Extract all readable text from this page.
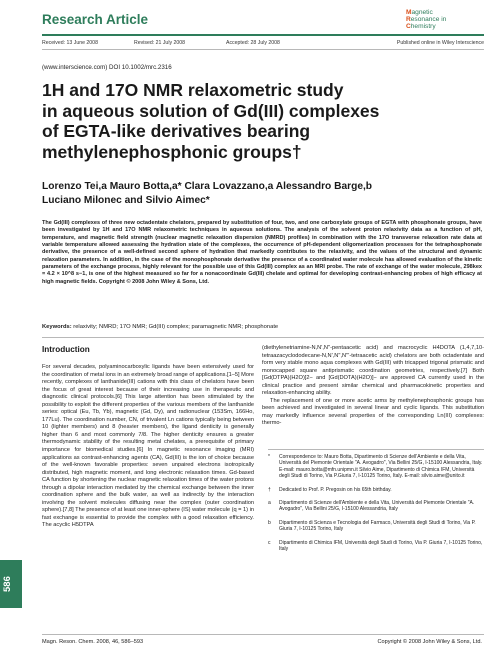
Research Article	Magnetic
Resonance in
Chemistry
Received: 13 June 2008	Revised: 21 July 2008	Accepted: 28 July 2008	Published online in Wiley Interscience
(www.interscience.com) DOI 10.1002/mrc.2316
1H and 17O NMR relaxometric study
in aqueous solution of Gd(III) complexes
of EGTA-like derivatives bearing
methylenephosphonic groups†
Lorenzo Tei,a Mauro Botta,a* Clara Lovazzano,a Alessandro Barge,b
Luciano Milonec and Silvio Aimec*
The Gd(III) complexes of three new octadentate chelators, prepared by substitution of four, two, and one carboxylate groups of EGTA with phosphonate groups, have been investigated by 1H and 17O NMR relaxometric techniques in aqueous solutions. The analysis of the solvent proton relaxivity data as a function of pH, temperature, and magnetic field strength (nuclear magnetic relaxation dispersion (NMRD) profiles) in combination with the 17O transverse relaxation rate data at variable temperature allowed assessing the hydration state of the complexes, the occurrence of pH-dependent oligomerization processes for the tetraphosphonate derivative, the presence of a well-defined second sphere of hydration that markedly contributes to the relaxivity, and the values of the structural and dynamic relaxation parameters. In addition, in the case of the monophosphonate derivative the presence of a coordinated water molecule has allowed evaluation of the kinetic parameters of the exchange process, highly relevant for the possible use of this Gd(III) complex as an MRI probe. The rate of exchange of the water molecule, 298kex = 4.2 × 10^8 s−1, is one of the highest measured so far for a nonacoordinate Gd(III) chelate and optimal for developing contrast-enhancing probes of high efficacy at high magnetic fields. Copyright © 2008 John Wiley & Sons, Ltd.
Keywords: relaxivity; NMRD; 17O NMR; Gd(III) complex; paramagnetic NMR; phosphonate
Introduction
For several decades, polyaminocarboxylic ligands have been extensively used for the coordination of metal ions in an extremely broad range of applications.[1–5] More recently, complexes of lanthanide(III) cations with this class of chelators have been the focus of great interest because of their increasing use in therapeutic and diagnostic clinical protocols.[6] This large attention has been stimulated by the possibility to exploit the different properties of the various members of the lanthanide series: optical (Eu, Tb, Yb), magnetic (Gd, Dy), and radionuclear (153Sm, 166Ho, 177Lu). The coordination number, CN, of trivalent Ln cations typically being between 10 (lighter members) and 8 (heavier members), the ligand denticity is generally higher than 6 and most commonly 7/8. The higher denticity ensures a greater thermodynamic stability of the resulting metal chelates, a prerequisite of primary importance for biomedical studies.[6] In magnetic resonance imaging (MRI) applications as contrast-enhancing agents (CA), Gd(III) is the ion of choice because of the well-known favorable properties: seven unpaired electrons isotropically distributed, high magnetic moment, and long electronic relaxation times. Gd-based CA function by shortening the nuclear magnetic relaxation times of the water protons through a dipolar interaction mediated by the chemical exchange between the inner coordination sphere and the bulk water, as well as indirectly by the interaction involving the solvent molecules diffusing near the complex (outer coordination sphere).[7,8] The presence of at least one inner-sphere (IS) water molecule (q = 1) in fast exchange is essential to provide the complex with a good relaxation efficiency. The acyclic H5DTPA
(diethylenetriamine-N,N',N''-pentaacetic acid) and macrocyclic H4DOTA (1,4,7,10-tetraazacyclododecane-N,N',N'',N'''-tetraacetic acid) chelators are both octadentate and form very stable mono aqua complexes with Gd(III) with tricapped trigonal prismatic and monocapped square antiprismatic coordination geometries, respectively.[7] Both [Gd(DTPA)(H2O)]2− and [Gd(DOTA)(H2O)]− are approved CA currently used in the clinical practice and present similar chemical and pharmacokinetic properties and relaxation-enhancing ability.

The replacement of one or more acetic arms by methylenephosphonic groups has been achieved and investigated in several linear and cyclic ligands. This substitution may markedly influence several properties of the corresponding Ln(III) complexes: thermo-

* Correspondence to: Mauro Botta, Dipartimento di Scienze dell'Ambiente e della Vita, Università del Piemonte Orientale "A. Avogadro", Via Bellini 25/G, I-15100 Alessandria, Italy. E-mail: mauro.botta@mfn.unipmn.it Silvio Aime, Dipartimento di Chimica IFM, Università degli Studi di Torino, Via P.Giuria 7, I-10125 Torino, Italy. E-mail: silvio.aime@unito.it
† Dedicated to Prof. P. Pregosin on his 65th birthday.
a Dipartimento di Scienze dell'Ambiente e della Vita, Università del Piemonte Orientale "A. Avogadro", Via Bellini 25/G, I-15100 Alessandria, Italy
b Dipartimento di Scienza e Tecnologia del Farmaco, Università degli Studi di Torino, Via P. Giuria 7, I-10125 Torino, Italy
c Dipartimento di Chimica IFM, Università degli Studi di Torino, Via P. Giuria 7, I-10125 Torino, Italy
586
Magn. Reson. Chem. 2008, 46, 586–593	Copyright © 2008 John Wiley & Sons, Ltd.
